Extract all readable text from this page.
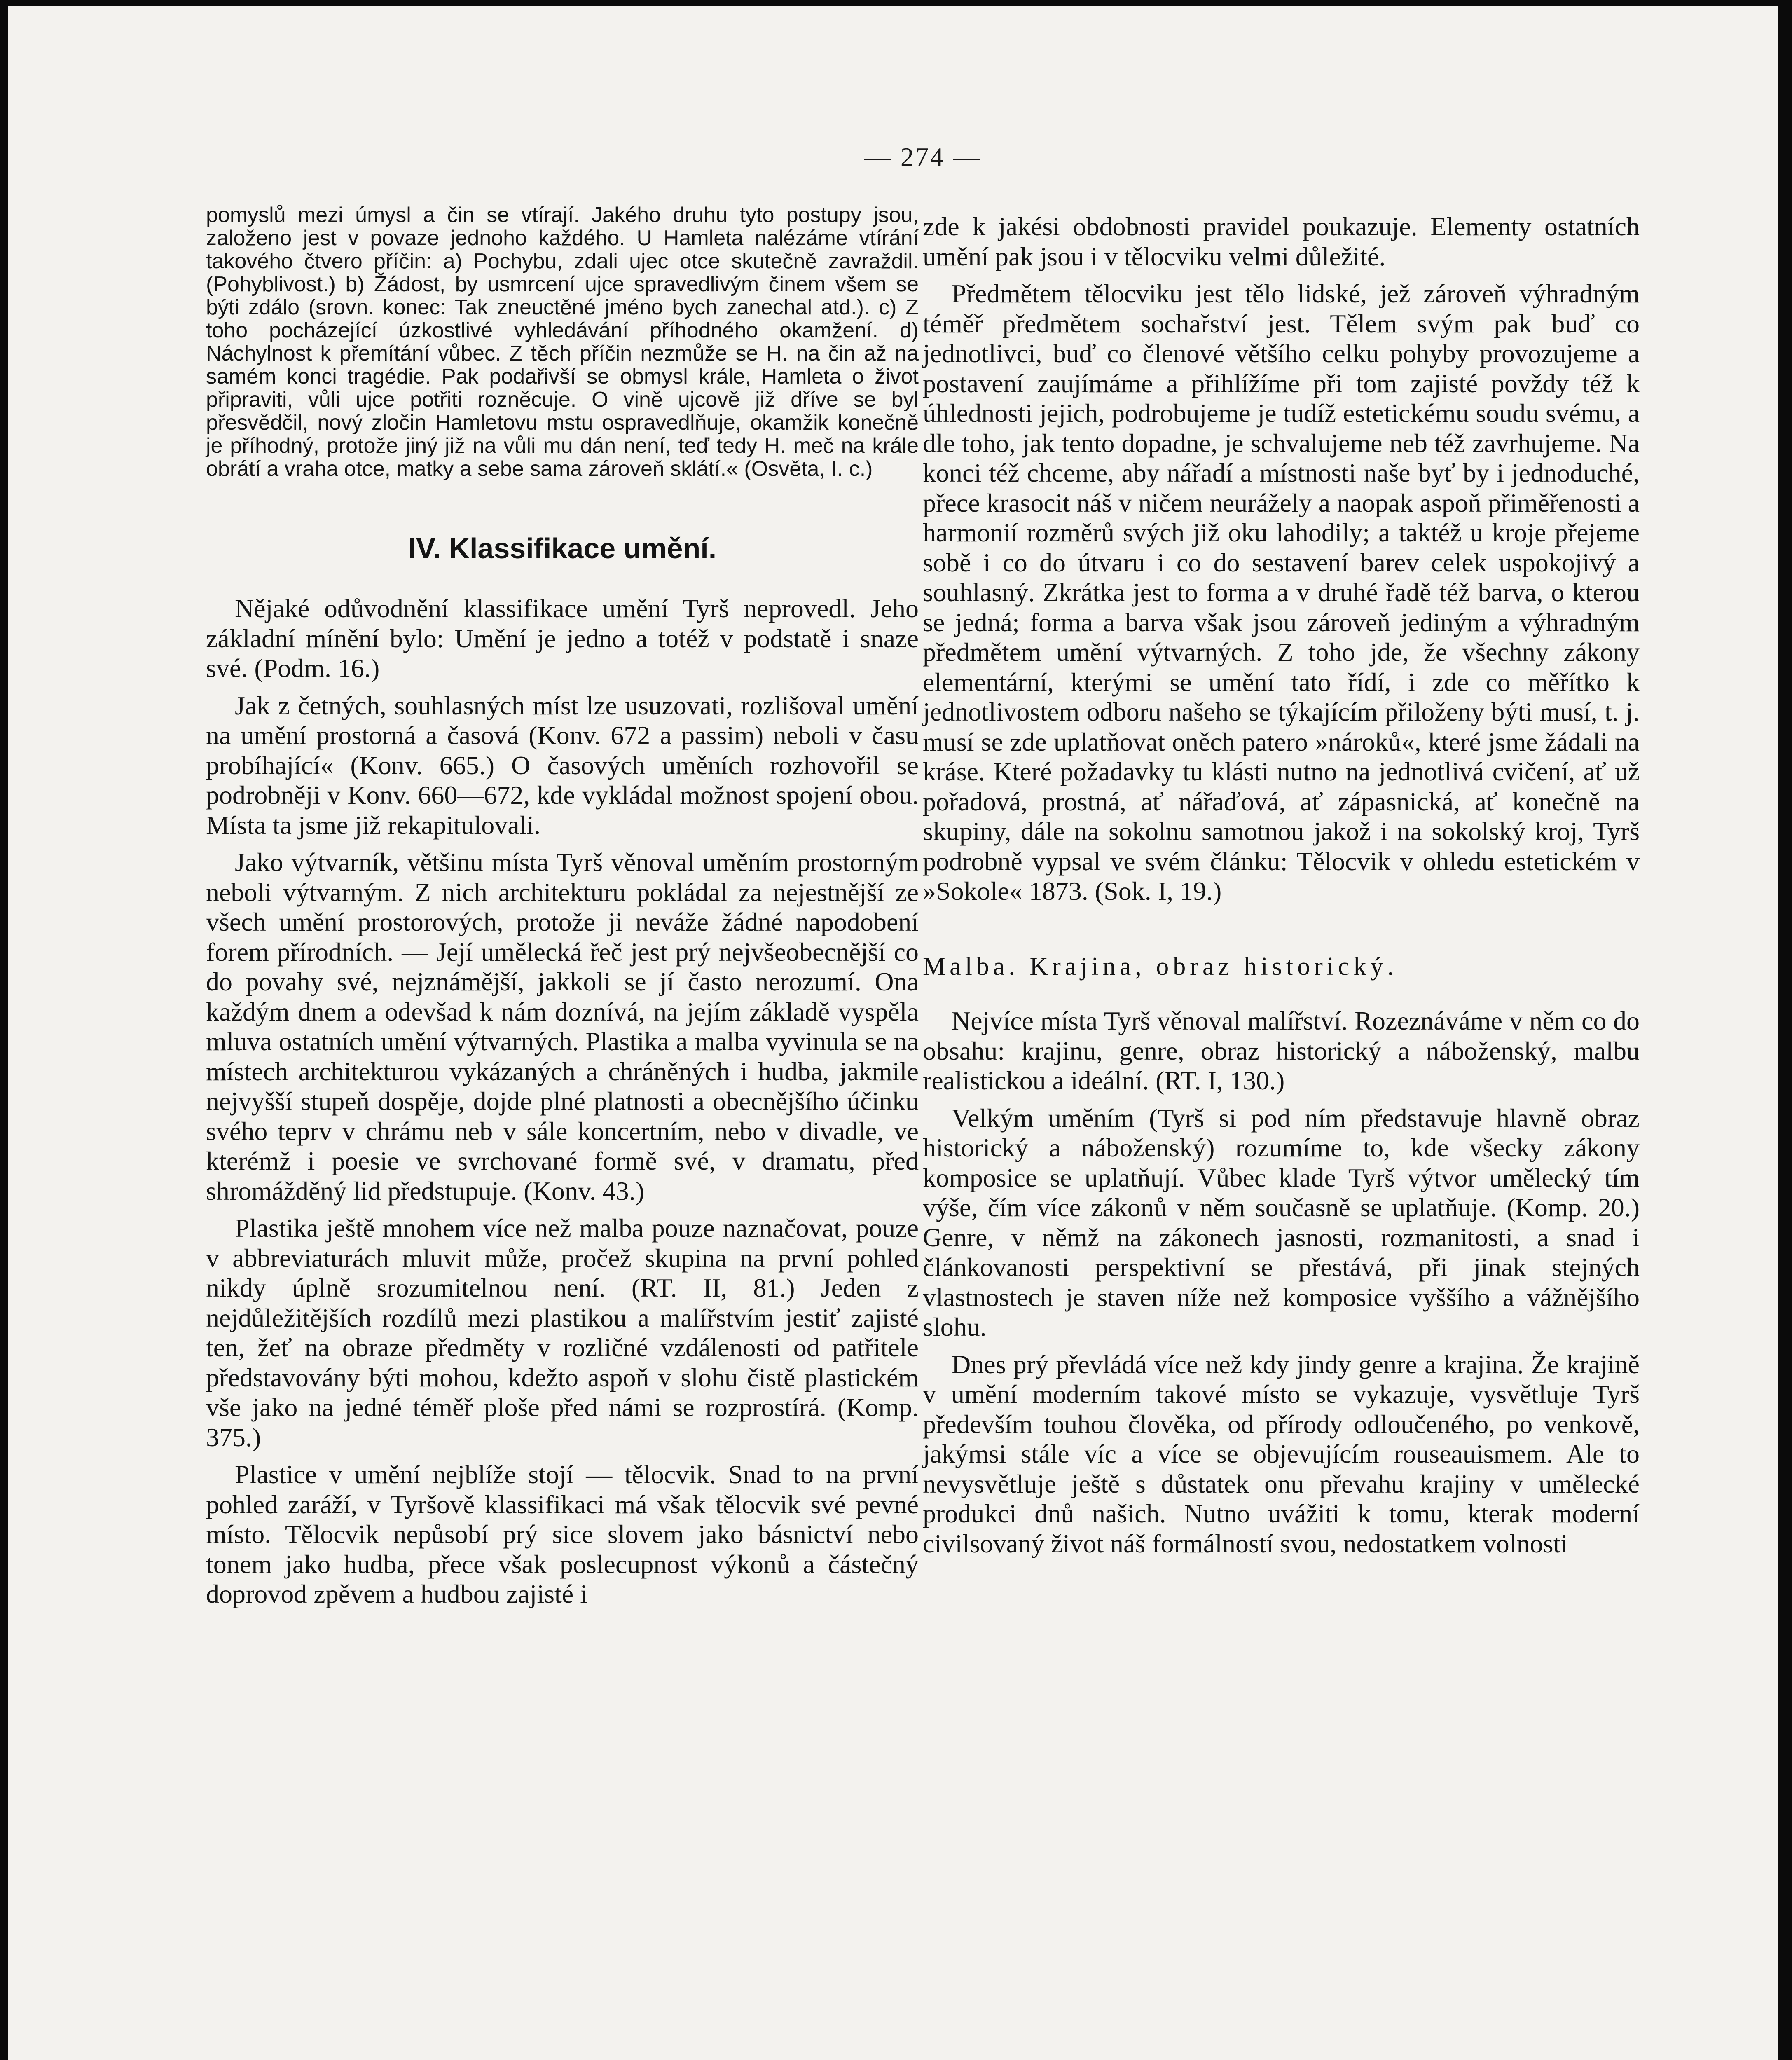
— 274 —

pomyslů mezi úmysl a čin se vtírají. Jakého druhu tyto postupy jsou, založeno jest v povaze jednoho každého. U Hamleta nalézáme vtírání takového čtvero příčin: a) Pochybu, zdali ujec otce skutečně zavraždil. (Pohyblivost.) b) Žádost, by usmrcení ujce spravedlivým činem všem se býti zdálo (srovn. konec: Tak zneuctěné jméno bych zanechal atd.). c) Z toho pocházející úzkostlivé vyhledávání příhodného okamžení. d) Náchylnost k přemítání vůbec. Z těch příčin nezmůže se H. na čin až na samém konci tragédie. Pak podařivší se obmysl krále, Hamleta o život připraviti, vůli ujce potřiti rozněcuje. O vině ujcově již dříve se byl přesvědčil, nový zločin Hamletovu mstu ospravedlňuje, okamžik konečně je příhodný, protože jiný již na vůli mu dán není, teď tedy H. meč na krále obrátí a vraha otce, matky a sebe sama zároveň sklátí.« (Osvěta, I. c.)

IV. Klassifikace umění.

Nějaké odůvodnění klassifikace umění Tyrš neprovedl. Jeho základní mínění bylo: Umění je jedno a totéž v podstatě i snaze své. (Podm. 16.)

Jak z četných, souhlasných míst lze usuzovati, rozlišoval umění na umění prostorná a časová (Konv. 672 a passim) neboli v času probíhající« (Konv. 665.) O časových uměních rozhovořil se podrobněji v Konv. 660—672, kde vykládal možnost spojení obou. Místa ta jsme již rekapitulovali.

Jako výtvarník, většinu místa Tyrš věnoval uměním prostorným neboli výtvarným. Z nich architekturu pokládal za nejestnější ze všech umění prostorových, protože ji neváže žádné napodobení forem přírodních. — Její umělecká řeč jest prý nejvšeobecnější co do povahy své, nejznámější, jakkoli se jí často nerozumí. Ona každým dnem a odevšad k nám doznívá, na jejím základě vyspěla mluva ostatních umění výtvarných. Plastika a malba vyvinula se na místech architekturou vykázaných a chráněných i hudba, jakmile nejvyšší stupeň dospěje, dojde plné platnosti a obecnějšího účinku svého teprv v chrámu neb v sále koncertním, nebo v divadle, ve kterémž i poesie ve svrchované formě své, v dramatu, před shromážděný lid předstupuje. (Konv. 43.)

Plastika ještě mnohem více než malba pouze naznačovat, pouze v abbreviaturách mluvit může, pročež skupina na první pohled nikdy úplně srozumitelnou není. (RT. II, 81.) Jeden z nejdůležitějších rozdílů mezi plastikou a malířstvím jestiť zajisté ten, žeť na obraze předměty v rozličné vzdálenosti od patřitele představovány býti mohou, kdežto aspoň v slohu čistě plastickém vše jako na jedné téměř ploše před námi se rozprostírá. (Komp. 375.)

Plastice v umění nejblíže stojí — tělocvik. Snad to na první pohled zaráží, v Tyršově klassifikaci má však tělocvik své pevné místo. Tělocvik nepůsobí prý sice slovem jako básnictví nebo tonem jako hudba, přece však poslecupnost výkonů a částečný doprovod zpěvem a hudbou zajisté i

zde k jakési obdobnosti pravidel poukazuje. Elementy ostatních umění pak jsou i v tělocviku velmi důležité.

Předmětem tělocviku jest tělo lidské, jež zároveň výhradným téměř předmětem sochařství jest. Tělem svým pak buď co jednotlivci, buď co členové většího celku pohyby provozujeme a postavení zaujímáme a přihlížíme při tom zajisté povždy též k úhlednosti jejich, podrobujeme je tudíž estetickému soudu svému, a dle toho, jak tento dopadne, je schvalujeme neb též zavrhujeme. Na konci též chceme, aby nářadí a místnosti naše byť by i jednoduché, přece krasocit náš v ničem neurážely a naopak aspoň přiměřenosti a harmonií rozměrů svých již oku lahodily; a taktéž u kroje přejeme sobě i co do útvaru i co do sestavení barev celek uspokojivý a souhlasný. Zkrátka jest to forma a v druhé řadě též barva, o kterou se jedná; forma a barva však jsou zároveň jediným a výhradným předmětem umění výtvarných. Z toho jde, že všechny zákony elementární, kterými se umění tato řídí, i zde co měřítko k jednotlivostem odboru našeho se týkajícím přiloženy býti musí, t. j. musí se zde uplatňovat oněch patero »nároků«, které jsme žádali na kráse. Které požadavky tu klásti nutno na jednotlivá cvičení, ať už pořadová, prostná, ať nářaďová, ať zápasnická, ať konečně na skupiny, dále na sokolnu samotnou jakož i na sokolský kroj, Tyrš podrobně vypsal ve svém článku: Tělocvik v ohledu estetickém v »Sokole« 1873. (Sok. I, 19.)

Malba. Krajina, obraz historický.

Nejvíce místa Tyrš věnoval malířství. Rozeznáváme v něm co do obsahu: krajinu, genre, obraz historický a náboženský, malbu realistickou a ideální. (RT. I, 130.)

Velkým uměním (Tyrš si pod ním představuje hlavně obraz historický a náboženský) rozumíme to, kde všecky zákony komposice se uplatňují. Vůbec klade Tyrš výtvor umělecký tím výše, čím více zákonů v něm současně se uplatňuje. (Komp. 20.) Genre, v němž na zákonech jasnosti, rozmanitosti, a snad i článkovanosti perspektivní se přestává, při jinak stejných vlastnostech je staven níže než komposice vyššího a vážnějšího slohu.

Dnes prý převládá více než kdy jindy genre a krajina. Že krajině v umění moderním takové místo se vykazuje, vysvětluje Tyrš především touhou člověka, od přírody odloučeného, po venkově, jakýmsi stále víc a více se objevujícím rouseauismem. Ale to nevysvětluje ještě s důstatek onu převahu krajiny v umělecké produkci dnů našich. Nutno uvážiti k tomu, kterak moderní civilsovaný život náš formálností svou, nedostatkem volnosti
